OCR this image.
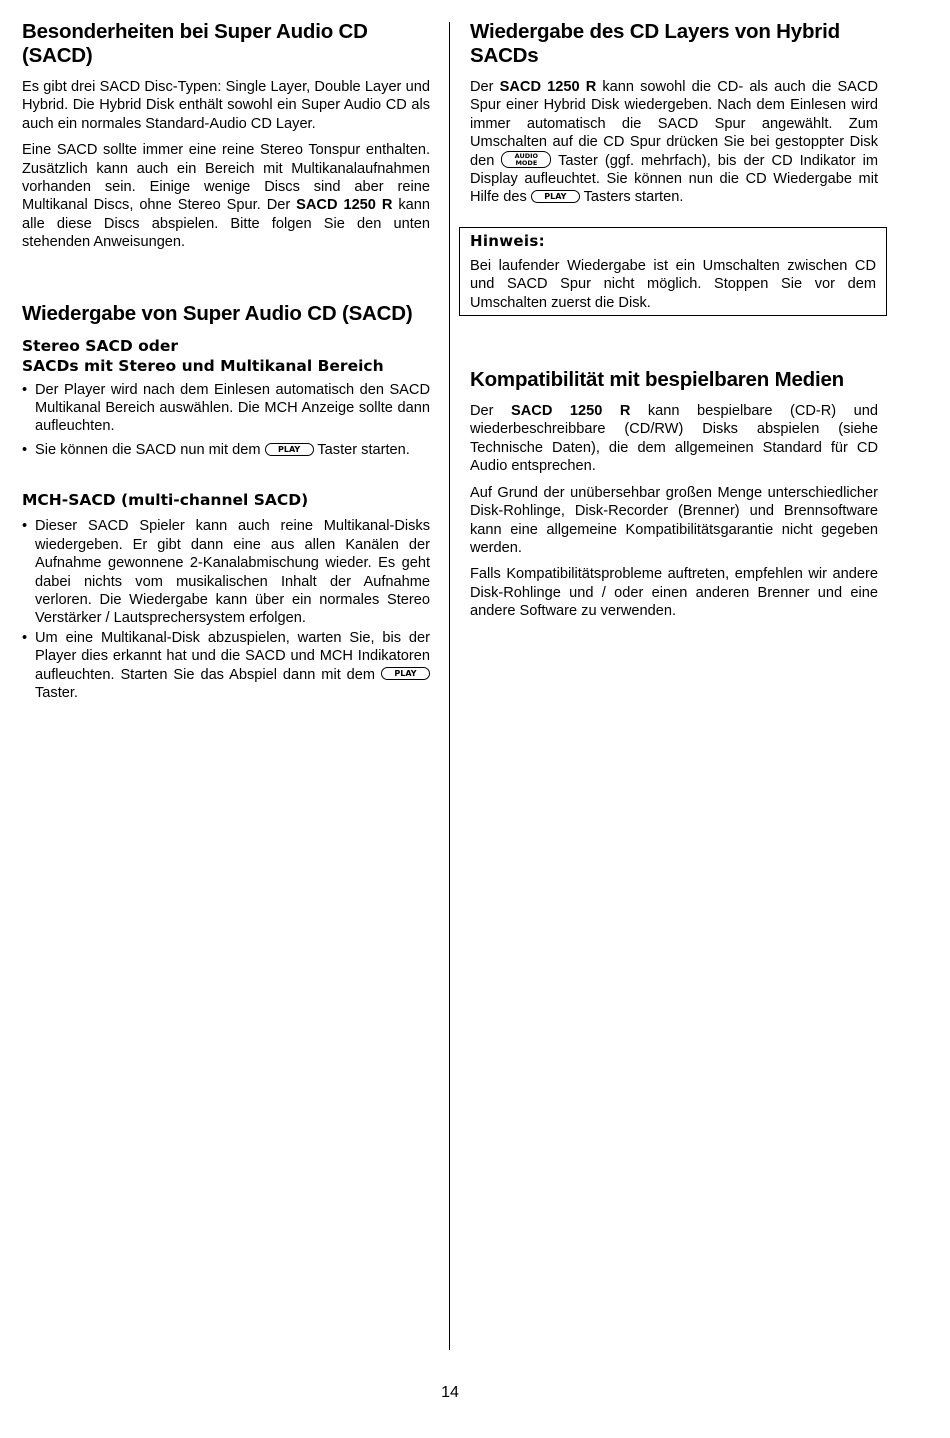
Besonderheiten bei Super Audio CD (SACD)

Es gibt drei SACD Disc-Typen: Single Layer, Double Layer und Hybrid. Die Hybrid Disk enthält sowohl ein Super Audio CD als auch ein normales Standard-Audio CD Layer.

Eine SACD sollte immer eine reine Stereo Tonspur enthalten. Zusätzlich kann auch ein Bereich mit Multikanalaufnahmen vorhanden sein. Einige wenige Discs sind aber reine Multikanal Discs, ohne Stereo Spur. Der SACD 1250 R kann alle diese Discs abspielen. Bitte folgen Sie den unten stehenden Anweisungen.

Wiedergabe von Super Audio CD (SACD)
Stereo SACD oder
SACDs mit Stereo und Multikanal Bereich
• Der Player wird nach dem Einlesen automatisch den SACD Multikanal Bereich auswählen. Die MCH Anzeige sollte dann aufleuchten.
• Sie können die SACD nun mit dem PLAY Taster starten.
MCH-SACD (multi-channel SACD)
• Dieser SACD Spieler kann auch reine Multikanal-Disks wiedergeben. Er gibt dann eine aus allen Kanälen der Aufnahme gewonnene 2-Kanalabmischung wieder. Es geht dabei nichts vom musikalischen Inhalt der Aufnahme verloren. Die Wiedergabe kann über ein normales Stereo Verstärker / Lautsprechersystem erfolgen.
• Um eine Multikanal-Disk abzuspielen, warten Sie, bis der Player dies erkannt hat und die SACD und MCH Indikatoren aufleuchten. Starten Sie das Abspiel dann mit dem PLAY Taster.
Wiedergabe des CD Layers von Hybrid SACDs

Der SACD 1250 R kann sowohl die CD- als auch die SACD Spur einer Hybrid Disk wiedergeben. Nach dem Einlesen wird immer automatisch die SACD Spur angewählt. Zum Umschalten auf die CD Spur drücken Sie bei gestoppter Disk den AUDIO
MODE Taster (ggf. mehrfach), bis der CD Indikator im Display aufleuchtet. Sie können nun die CD Wiedergabe mit Hilfe des PLAY Tasters starten.

Hinweis:

Bei laufender Wiedergabe ist ein Umschalten zwischen CD und SACD Spur nicht möglich. Stoppen Sie vor dem Umschalten zuerst die Disk.

Kompatibilität mit bespielbaren Medien

Der SACD 1250 R kann bespielbare (CD-R) und wiederbeschreibbare (CD/RW) Disks abspielen (siehe Technische Daten), die dem allgemeinen Standard für CD Audio entsprechen.

Auf Grund der unübersehbar großen Menge unterschiedlicher Disk-Rohlinge, Disk-Recorder (Brenner) und Brennsoftware kann eine allgemeine Kompatibilitätsgarantie nicht gegeben werden.

Falls Kompatibilitätsprobleme auftreten, empfehlen wir andere Disk-Rohlinge und / oder einen anderen Brenner und eine andere Software zu verwenden.

14
